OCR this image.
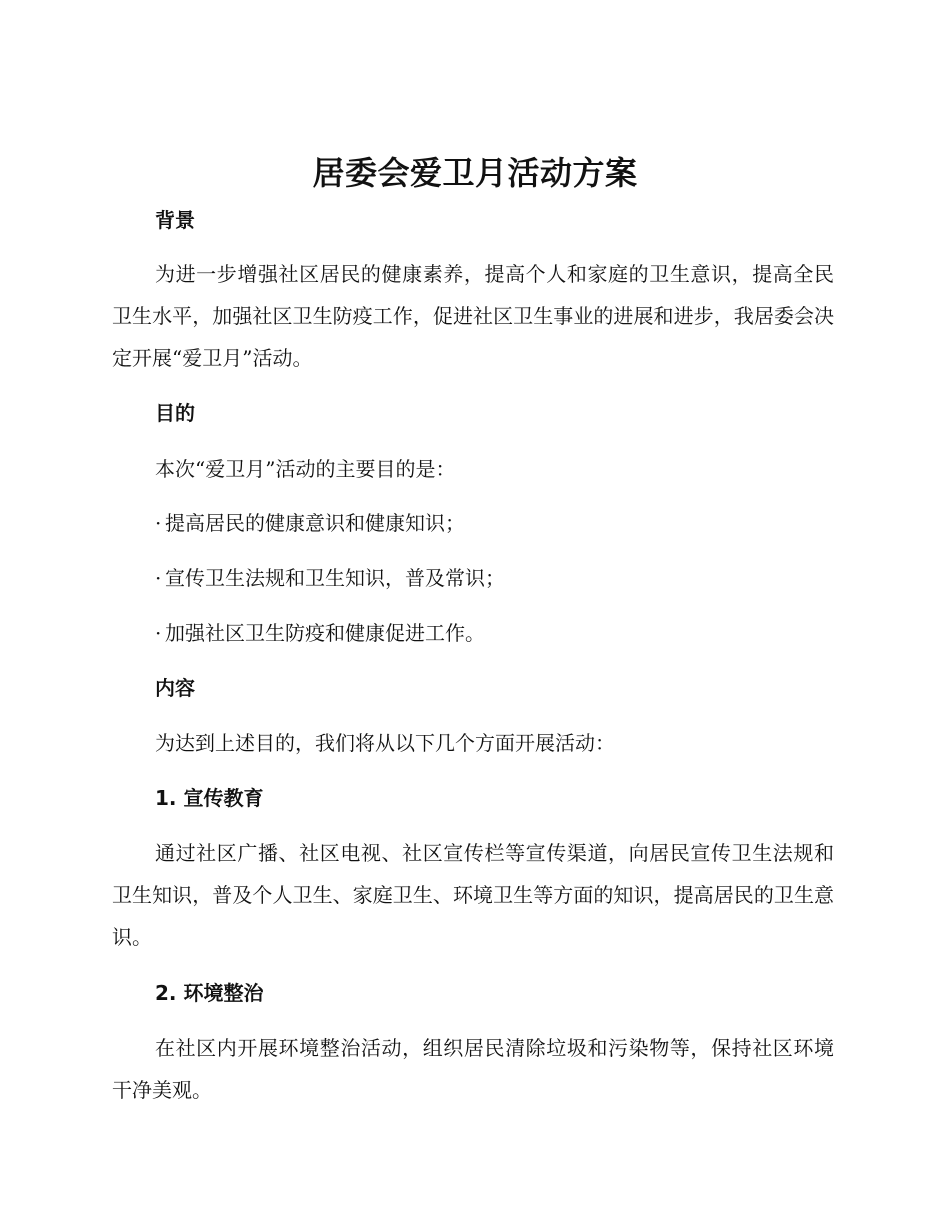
居委会爱卫月活动方案
背景
为进一步增强社区居民的健康素养，提高个人和家庭的卫生意识，提高全民卫生水平，加强社区卫生防疫工作，促进社区卫生事业的进展和进步，我居委会决定开展“爱卫月”活动。
目的
本次“爱卫月”活动的主要目的是：
· 提高居民的健康意识和健康知识；
· 宣传卫生法规和卫生知识，普及常识；
· 加强社区卫生防疫和健康促进工作。
内容
为达到上述目的，我们将从以下几个方面开展活动：
1. 宣传教育
通过社区广播、社区电视、社区宣传栏等宣传渠道，向居民宣传卫生法规和卫生知识，普及个人卫生、家庭卫生、环境卫生等方面的知识，提高居民的卫生意识。
2. 环境整治
在社区内开展环境整治活动，组织居民清除垃圾和污染物等，保持社区环境干净美观。
